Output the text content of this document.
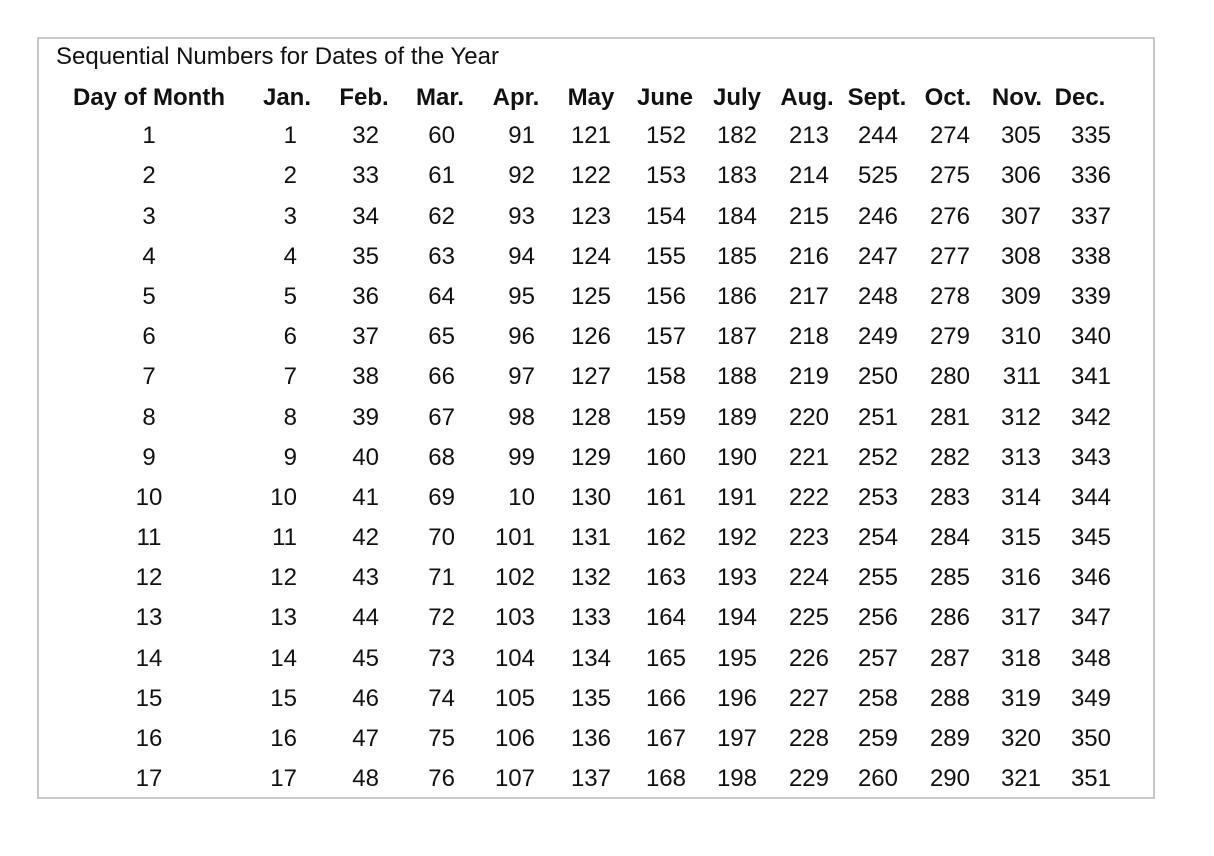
Sequential Numbers for Dates of the Year
Day of Month	Jan.	Feb.	Mar.	Apr.	May June July Aug. Sept. Oct. Nov. Dec.
1	1	32	60	91	121	152	182	213	244	274	305	335
2	2	33	61	92	122	153	183	214	525	275	306	336
3	3	34	62	93	123	154	184	215	246	276	307	337
4	4	35	63	94	124	155	185	216	247	277	308	338
5	5	36	64	95	125	156	186	217	248	278	309	339
6	6	37	65	96	126	157	187	218	249	279	310	340
7	7	38	66	97	127	158	188	219	250	280	311	341
8	8	39	67	98	128	159	189	220	251	281	312	342
9	9	40	68	99	129	160	190	221	252	282	313	343
10	10	41	69	10	130	161	191	222	253	283	314	344
11	11	42	70	101	131	162	192	223	254	284	315	345
12	12	43	71	102	132	163	193	224	255	285	316	346
13	13	44	72	103	133	164	194	225	256	286	317	347
14	14	45	73	104	134	165	195	226	257	287	318	348
15	15	46	74	105	135	166	196	227	258	288	319	349
16	16	47	75	106	136	167	197	228	259	289	320	350
17	17	48	76	107	137	168	198	229	260	290	321	351
